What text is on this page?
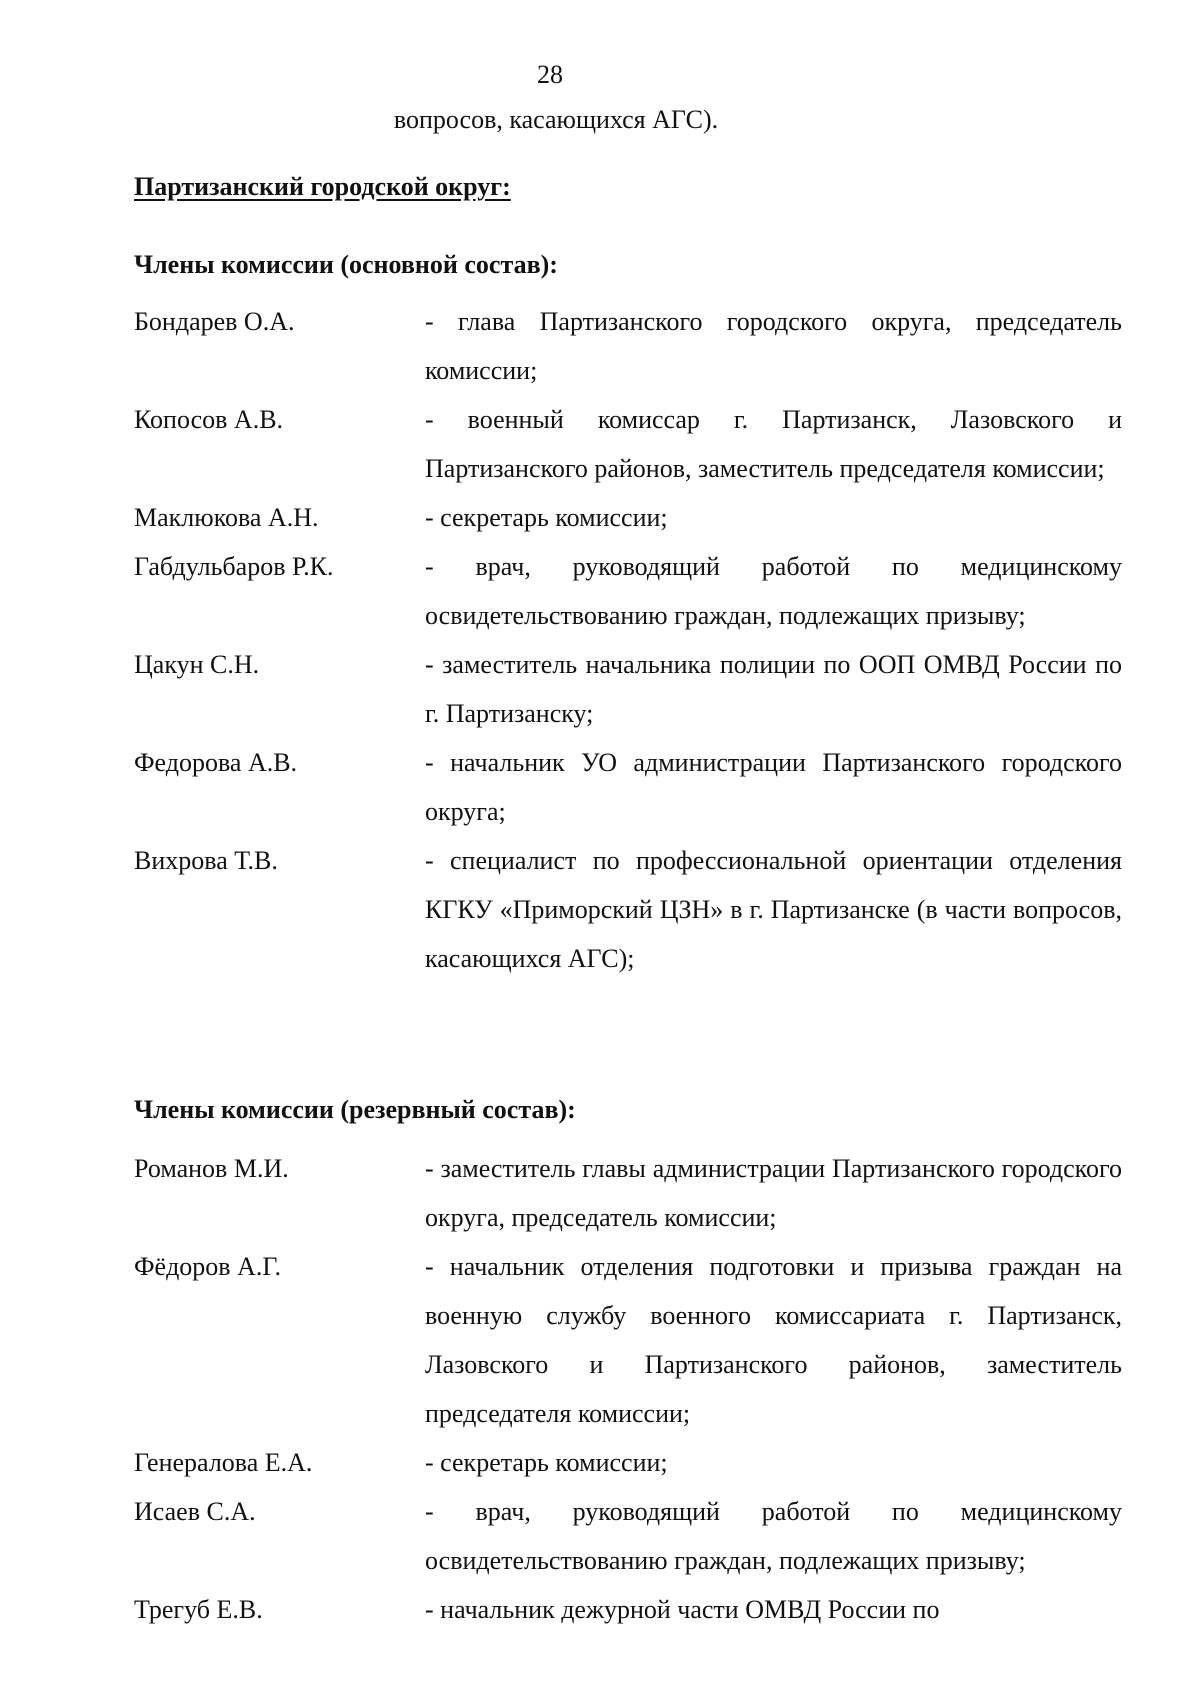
28
вопросов, касающихся АГС).
Партизанский городской округ:
Члены комиссии (основной состав):
Бондарев О.А.	- глава Партизанского городского округа, председатель комиссии;
Копосов А.В.	- военный комиссар г. Партизанск, Лазовского и Партизанского районов, заместитель председателя комиссии;
Маклюкова А.Н.	- секретарь комиссии;
Габдульбаров Р.К.	- врач, руководящий работой по медицинскому освидетельствованию граждан, подлежащих призыву;
Цакун С.Н.	- заместитель начальника полиции по ООП ОМВД России по г. Партизанску;
Федорова А.В.	- начальник УО администрации Партизанского городского округа;
Вихрова Т.В.	- специалист по профессиональной ориентации отделения КГКУ «Приморский ЦЗН» в г. Партизанске (в части вопросов, касающихся АГС);
Члены комиссии (резервный состав):
Романов М.И.	- заместитель главы администрации Партизанского городского округа, председатель комиссии;
Фёдоров А.Г.	- начальник отделения подготовки и призыва граждан на военную службу военного комиссариата г. Партизанск, Лазовского и Партизанского районов, заместитель председателя комиссии;
Генералова Е.А.	- секретарь комиссии;
Исаев С.А.	- врач, руководящий работой по медицинскому освидетельствованию граждан, подлежащих призыву;
Трегуб Е.В.	- начальник дежурной части ОМВД России по
